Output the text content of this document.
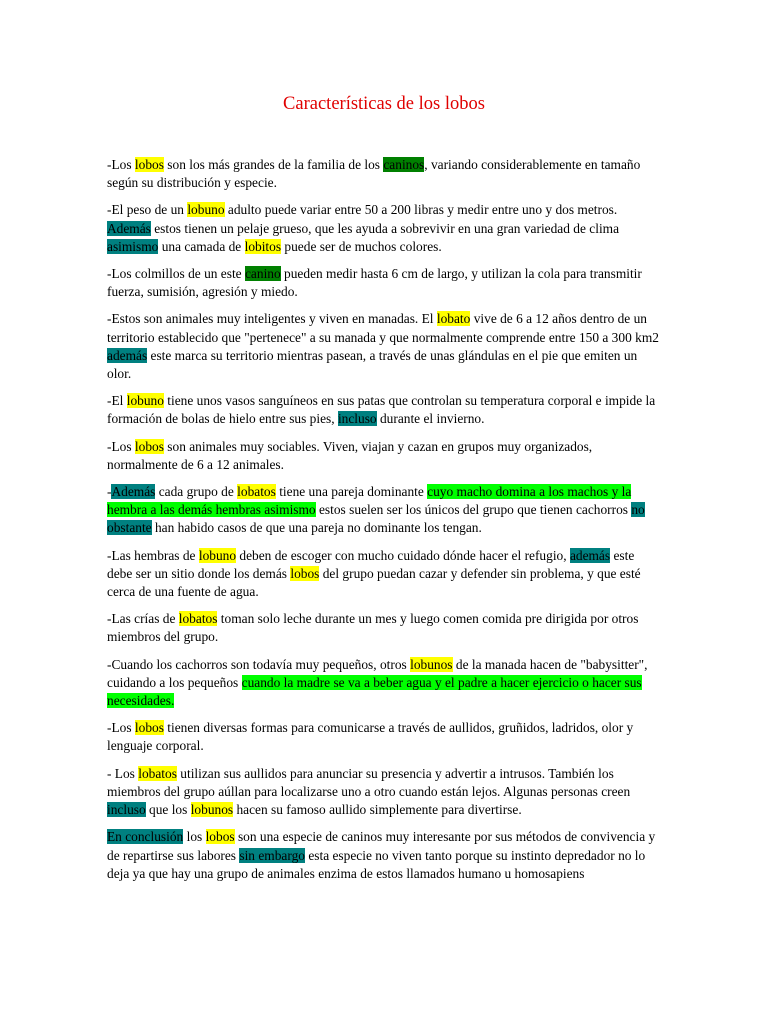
Características de los lobos

-Los lobos son los más grandes de la familia de los caninos, variando considerablemente en tamaño según su distribución y especie.

-El peso de un lobuno adulto puede variar entre 50 a 200 libras y medir entre uno y dos metros. Además estos tienen un pelaje grueso, que les ayuda a sobrevivir en una gran variedad de clima asimismo una camada de lobitos puede ser de muchos colores.

-Los colmillos de un este canino pueden medir hasta 6 cm de largo, y utilizan la cola para transmitir fuerza, sumisión, agresión y miedo.

-Estos son animales muy inteligentes y viven en manadas. El lobato vive de 6 a 12 años dentro de un territorio establecido que "pertenece" a su manada y que normalmente comprende entre 150 a 300 km2 además este marca su territorio mientras pasean, a través de unas glándulas en el pie que emiten un olor.

-El lobuno tiene unos vasos sanguíneos en sus patas que controlan su temperatura corporal e impide la formación de bolas de hielo entre sus pies, incluso durante el invierno.

-Los lobos son animales muy sociables. Viven, viajan y cazan en grupos muy organizados, normalmente de 6 a 12 animales.

-Además cada grupo de lobatos tiene una pareja dominante cuyo macho domina a los machos y la hembra a las demás hembras asimismo estos suelen ser los únicos del grupo que tienen cachorros no obstante han habido casos de que una pareja no dominante los tengan.

-Las hembras de lobuno deben de escoger con mucho cuidado dónde hacer el refugio, además este debe ser un sitio donde los demás lobos del grupo puedan cazar y defender sin problema, y que esté cerca de una fuente de agua.

-Las crías de lobatos toman solo leche durante un mes y luego comen comida pre dirigida por otros miembros del grupo.

-Cuando los cachorros son todavía muy pequeños, otros lobunos de la manada hacen de "babysitter", cuidando a los pequeños cuando la madre se va a beber agua y el padre a hacer ejercicio o hacer sus necesidades.

-Los lobos tienen diversas formas para comunicarse a través de aullidos, gruñidos, ladridos, olor y lenguaje corporal.

- Los lobatos utilizan sus aullidos para anunciar su presencia y advertir a intrusos. También los miembros del grupo aúllan para localizarse uno a otro cuando están lejos. Algunas personas creen incluso que los lobunos hacen su famoso aullido simplemente para divertirse.

En conclusión los lobos son una especie de caninos muy interesante por sus métodos de convivencia y de repartirse sus labores sin embargo esta especie no viven tanto porque su instinto depredador no lo deja ya que hay una grupo de animales enzima de estos llamados humano u homosapiens
